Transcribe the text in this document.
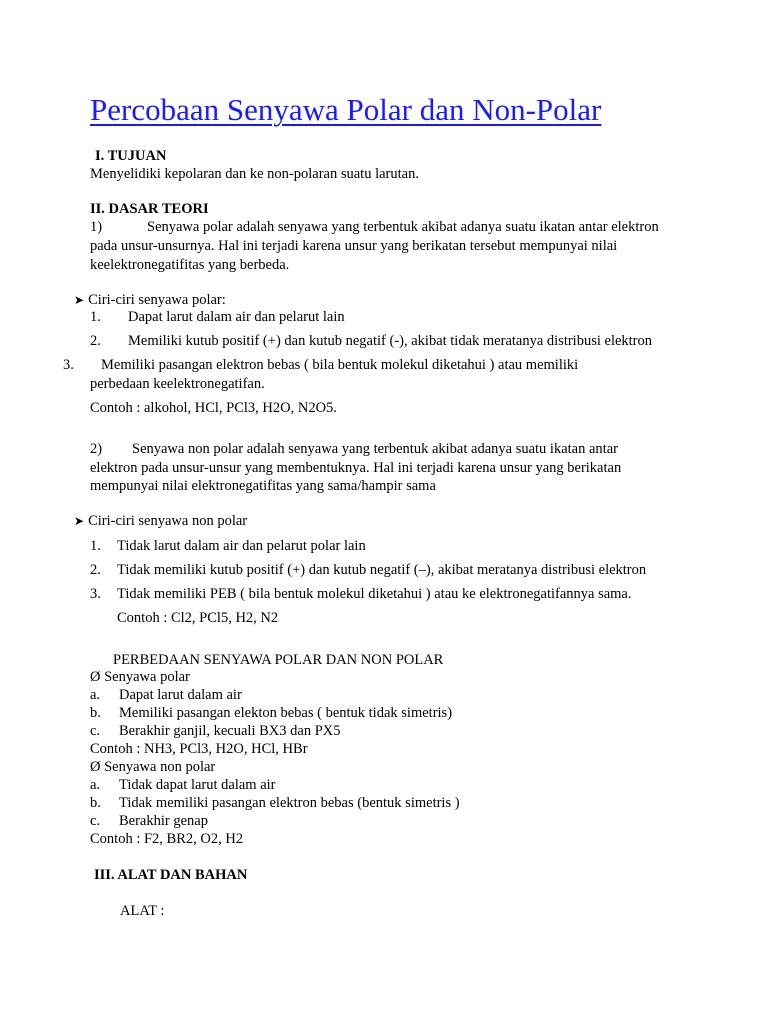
Percobaan Senyawa Polar dan Non-Polar
I. TUJUAN
Menyelidiki kepolaran dan ke non-polaran suatu larutan.
II. DASAR TEORI
1)	Senyawa polar adalah senyawa yang terbentuk akibat adanya suatu ikatan antar elektron
pada unsur-unsurnya. Hal ini terjadi karena unsur yang berikatan tersebut mempunyai nilai
keelektronegatifitas yang berbeda.
➤ Ciri-ciri senyawa polar:
1. Dapat larut dalam air dan pelarut lain
2. Memiliki kutub positif (+) dan kutub negatif (-), akibat tidak meratanya distribusi elektron
3. Memiliki pasangan elektron bebas ( bila bentuk molekul diketahui ) atau memiliki
perbedaan keelektronegatifan.
Contoh : alkohol, HCl, PCl3, H2O, N2O5.
2) Senyawa non polar adalah senyawa yang terbentuk akibat adanya suatu ikatan antar
elektron pada unsur-unsur yang membentuknya. Hal ini terjadi karena unsur yang berikatan
mempunyai nilai elektronegatifitas yang sama/hampir sama
➤ Ciri-ciri senyawa non polar
1. Tidak larut dalam air dan pelarut polar lain
2. Tidak memiliki kutub positif (+) dan kutub negatif (–), akibat meratanya distribusi elektron
3. Tidak memiliki PEB ( bila bentuk molekul diketahui ) atau ke elektronegatifannya sama.
Contoh : Cl2, PCl5, H2, N2
PERBEDAAN SENYAWA POLAR DAN NON POLAR
Ø Senyawa polar
a. Dapat larut dalam air
b. Memiliki pasangan elekton bebas ( bentuk tidak simetris)
c. Berakhir ganjil, kecuali BX3 dan PX5
Contoh : NH3, PCl3, H2O, HCl, HBr
Ø Senyawa non polar
a. Tidak dapat larut dalam air
b. Tidak memiliki pasangan elektron bebas (bentuk simetris )
c. Berakhir genap
Contoh : F2, BR2, O2, H2
III. ALAT DAN BAHAN
ALAT :
